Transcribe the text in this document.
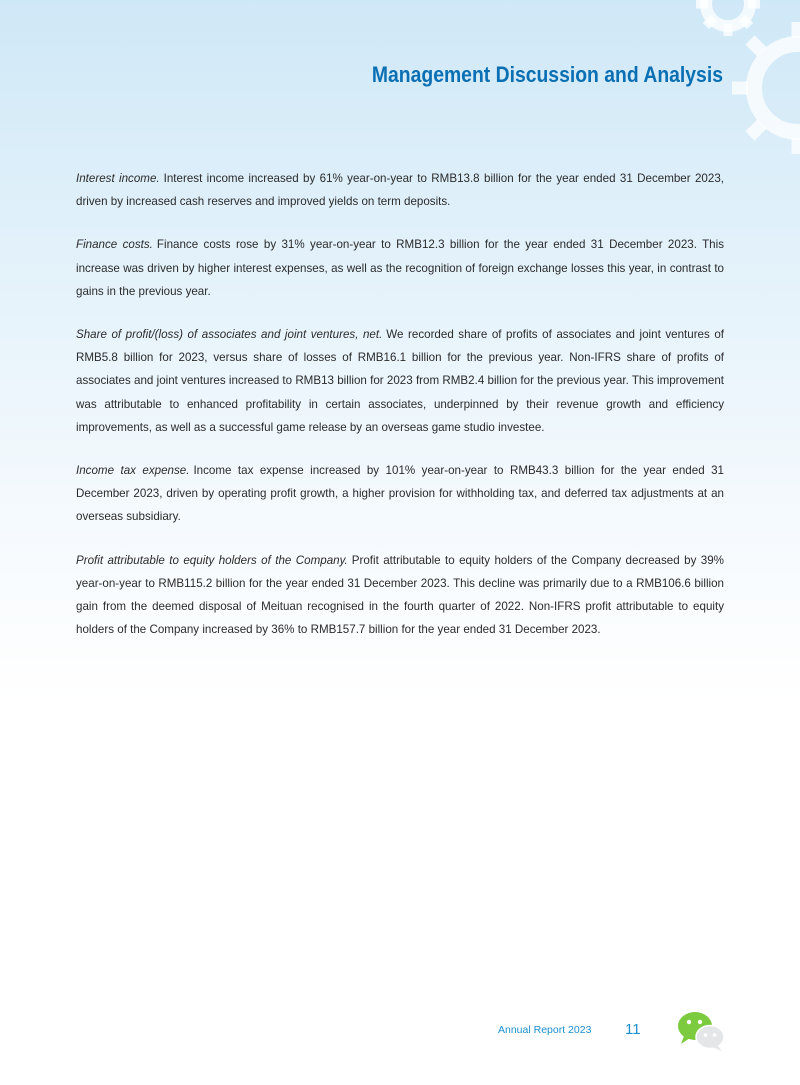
Management Discussion and Analysis

Interest income. Interest income increased by 61% year-on-year to RMB13.8 billion for the year ended 31 December 2023, driven by increased cash reserves and improved yields on term deposits.

Finance costs. Finance costs rose by 31% year-on-year to RMB12.3 billion for the year ended 31 December 2023. This increase was driven by higher interest expenses, as well as the recognition of foreign exchange losses this year, in contrast to gains in the previous year.

Share of profit/(loss) of associates and joint ventures, net. We recorded share of profits of associates and joint ventures of RMB5.8 billion for 2023, versus share of losses of RMB16.1 billion for the previous year. Non-IFRS share of profits of associates and joint ventures increased to RMB13 billion for 2023 from RMB2.4 billion for the previous year. This improvement was attributable to enhanced profitability in certain associates, underpinned by their revenue growth and efficiency improvements, as well as a successful game release by an overseas game studio investee.

Income tax expense. Income tax expense increased by 101% year-on-year to RMB43.3 billion for the year ended 31 December 2023, driven by operating profit growth, a higher provision for withholding tax, and deferred tax adjustments at an overseas subsidiary.

Profit attributable to equity holders of the Company. Profit attributable to equity holders of the Company decreased by 39% year-on-year to RMB115.2 billion for the year ended 31 December 2023. This decline was primarily due to a RMB106.6 billion gain from the deemed disposal of Meituan recognised in the fourth quarter of 2022. Non-IFRS profit attributable to equity holders of the Company increased by 36% to RMB157.7 billion for the year ended 31 December 2023.

Annual Report 2023 11
